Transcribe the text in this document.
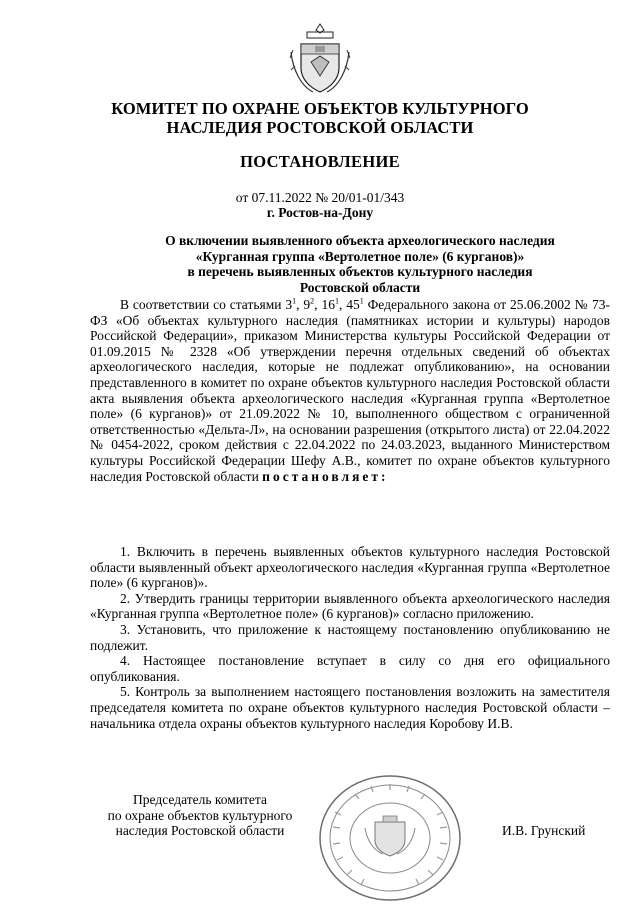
КОМИТЕТ ПО ОХРАНЕ ОБЪЕКТОВ КУЛЬТУРНОГО
НАСЛЕДИЯ РОСТОВСКОЙ ОБЛАСТИ
ПОСТАНОВЛЕНИЕ
от 07.11.2022 № 20/01-01/343
г. Ростов-на-Дону
О включении выявленного объекта археологического наследия
«Курганная группа «Вертолетное поле» (6 курганов)»
в перечень выявленных объектов культурного наследия
Ростовской области
В соответствии со статьями $3^1$, $9^2$, $16^1$, $45^1$ Федерального закона от 25.06.2002 № 73-ФЗ «Об объектах культурного наследия (памятниках истории и культуры) народов Российской Федерации», приказом Министерства культуры Российской Федерации от 01.09.2015 № 2328 «Об утверждении перечня отдельных сведений об объектах археологического наследия, которые не подлежат опубликованию», на основании представленного в комитет по охране объектов культурного наследия Ростовской области акта выявления объекта археологического наследия «Курганная группа «Вертолетное поле» (6 курганов)» от 21.09.2022 № 10, выполненного обществом с ограниченной ответственностью «Дельта-Л», на основании разрешения (открытого листа) от 22.04.2022 № 0454-2022, сроком действия с 22.04.2022 по 24.03.2023, выданного Министерством культуры Российской Федерации Шефу А.В., комитет по охране объектов культурного наследия Ростовской области постановляет:

1. Включить в перечень выявленных объектов культурного наследия Ростовской области выявленный объект археологического наследия «Курганная группа «Вертолетное поле» (6 курганов)».

2. Утвердить границы территории выявленного объекта археологического наследия «Курганная группа «Вертолетное поле» (6 курганов)» согласно приложению.

3. Установить, что приложение к настоящему постановлению опубликованию не подлежит.

4. Настоящее постановление вступает в силу со дня его официального опубликования.

5. Контроль за выполнением настоящего постановления возложить на заместителя председателя комитета по охране объектов культурного наследия Ростовской области – начальника отдела охраны объектов культурного наследия Коробову И.В.

Председатель комитета
по охране объектов культурного
наследия Ростовской области	И.В. Грунский
